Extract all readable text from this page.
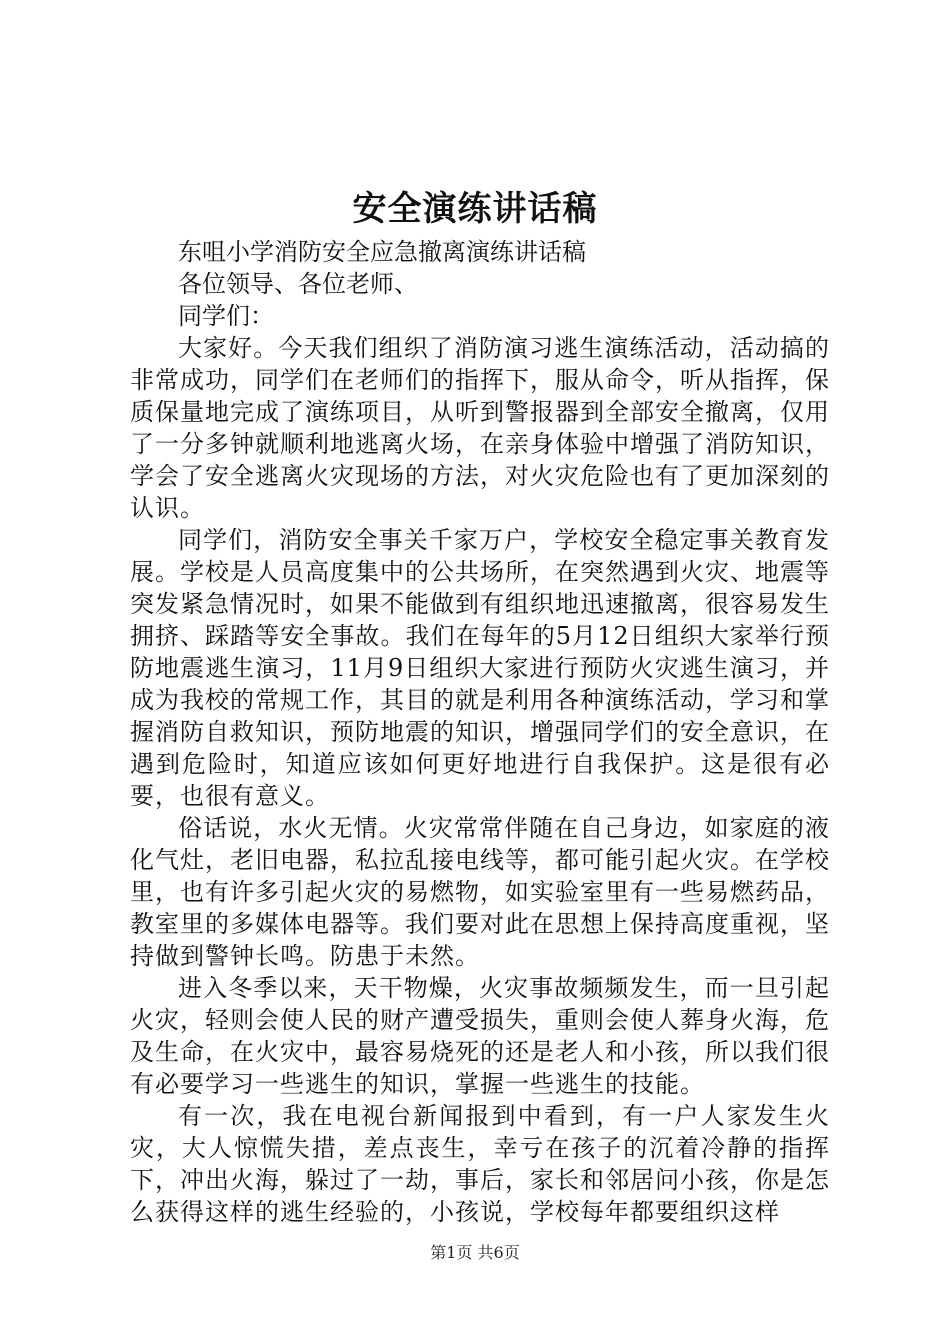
安全演练讲话稿

东咀小学消防安全应急撤离演练讲话稿

各位领导、各位老师、

同学们：

大家好。今天我们组织了消防演习逃生演练活动，活动搞的非常成功，同学们在老师们的指挥下，服从命令，听从指挥，保质保量地完成了演练项目，从听到警报器到全部安全撤离，仅用了一分多钟就顺利地逃离火场，在亲身体验中增强了消防知识，学会了安全逃离火灾现场的方法，对火灾危险也有了更加深刻的认识。

同学们，消防安全事关千家万户，学校安全稳定事关教育发展。学校是人员高度集中的公共场所，在突然遇到火灾、地震等突发紧急情况时，如果不能做到有组织地迅速撤离，很容易发生拥挤、踩踏等安全事故。我们在每年的5月12日组织大家举行预防地震逃生演习，11月9日组织大家进行预防火灾逃生演习，并成为我校的常规工作，其目的就是利用各种演练活动，学习和掌握消防自救知识，预防地震的知识，增强同学们的安全意识，在遇到危险时，知道应该如何更好地进行自我保护。这是很有必要，也很有意义。

俗话说，水火无情。火灾常常伴随在自己身边，如家庭的液化气灶，老旧电器，私拉乱接电线等，都可能引起火灾。在学校里，也有许多引起火灾的易燃物，如实验室里有一些易燃药品，教室里的多媒体电器等。我们要对此在思想上保持高度重视，坚持做到警钟长鸣。防患于未然。

进入冬季以来，天干物燥，火灾事故频频发生，而一旦引起火灾，轻则会使人民的财产遭受损失，重则会使人葬身火海，危及生命，在火灾中，最容易烧死的还是老人和小孩，所以我们很有必要学习一些逃生的知识，掌握一些逃生的技能。

有一次，我在电视台新闻报到中看到，有一户人家发生火灾，大人惊慌失措，差点丧生，幸亏在孩子的沉着冷静的指挥下，冲出火海，躲过了一劫，事后，家长和邻居问小孩，你是怎么获得这样的逃生经验的，小孩说，学校每年都要组织这样

第1页 共6页
